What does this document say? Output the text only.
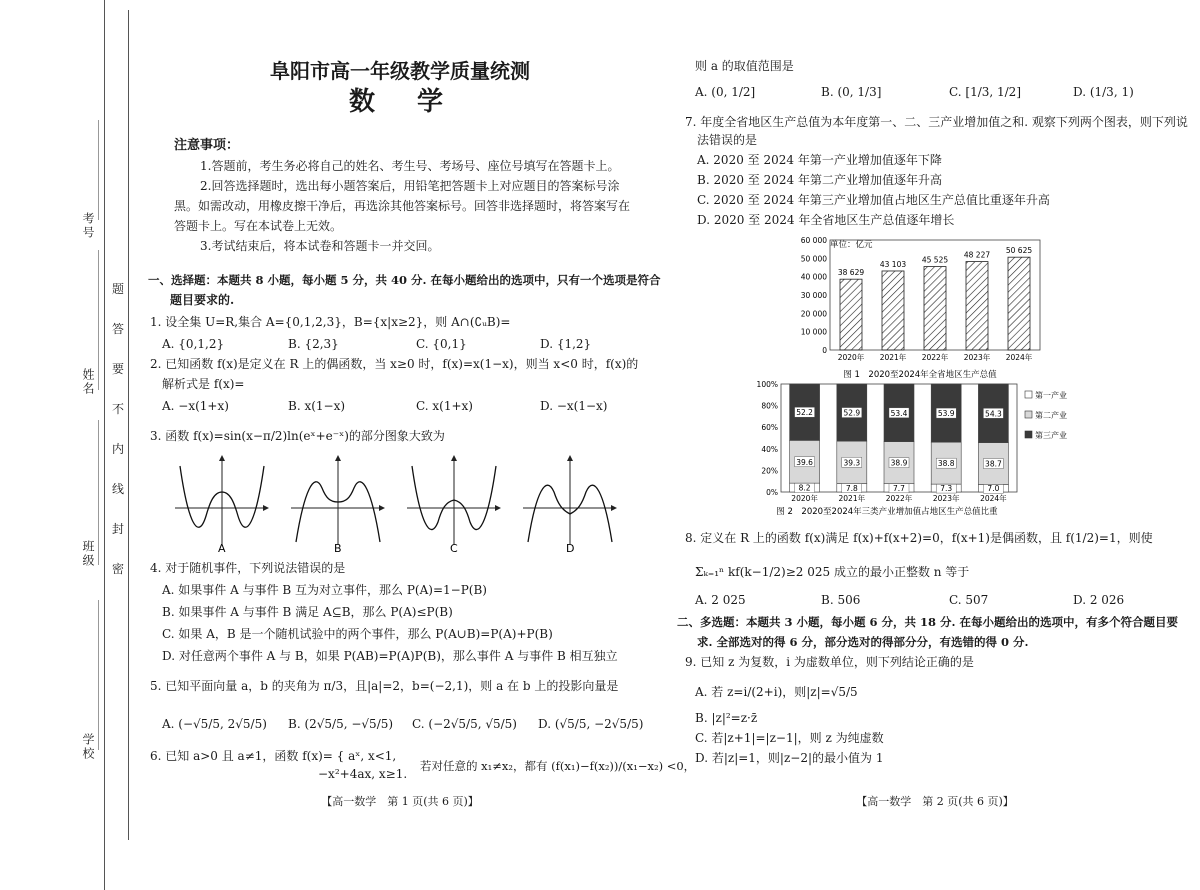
考号
姓名
班级
学校
题
答
要
不
内
线
封
密
阜阳市高一年级教学质量统测
数　学
注意事项：
1.答题前，考生务必将自己的姓名、考生号、考场号、座位号填写在答题卡上。
2.回答选择题时，选出每小题答案后，用铅笔把答题卡上对应题目的答案标号涂
黑。如需改动，用橡皮擦干净后，再选涂其他答案标号。回答非选择题时，将答案写在
答题卡上。写在本试卷上无效。
3.考试结束后，将本试卷和答题卡一并交回。
一、选择题：本题共 8 小题，每小题 5 分，共 40 分. 在每小题给出的选项中，只有一个选项是符合
题目要求的.
1. 设全集 U=R,集合 A={0,1,2,3}，B={x|x≥2}，则 A∩(∁ᵤB)=
A. {0,1,2}	B. {2,3}	C. {0,1}	D. {1,2}
2. 已知函数 f(x)是定义在 R 上的偶函数，当 x≥0 时，f(x)=x(1−x)，则当 x<0 时，f(x)的
解析式是 f(x)=
A. −x(1+x)	B. x(1−x)	C. x(1+x)	D. −x(1−x)
3. 函数 f(x)=sin(x−π/2)ln(eˣ+e⁻ˣ)的部分图象大致为
A	B	C	D
4. 对于随机事件，下列说法错误的是
A. 如果事件 A 与事件 B 互为对立事件，那么 P(A)=1−P(B)
B. 如果事件 A 与事件 B 满足 A⊆B，那么 P(A)≤P(B)
C. 如果 A，B 是一个随机试验中的两个事件，那么 P(A∪B)=P(A)+P(B)
D. 对任意两个事件 A 与 B，如果 P(AB)=P(A)P(B)，那么事件 A 与事件 B 相互独立
5. 已知平面向量 a，b 的夹角为 π/3，且|a|=2，b=(−2,1)，则 a 在 b 上的投影向量是
A. (−√5/5, 2√5/5) B. (2√5/5, −√5/5) C. (−2√5/5, √5/5) D. (√5/5, −2√5/5)
6. 已知 a>0 且 a≠1，函数 f(x)= { aˣ, x<1,
−x²+4ax, x≥1.
若对任意的 x₁≠x₂，都有 (f(x₁)−f(x₂))/(x₁−x₂) <0，
【高一数学　第 1 页(共 6 页)】
则 a 的取值范围是
A. (0, 1/2]	B. (0, 1/3]	C. [1/3, 1/2]	D. (1/3, 1)
7. 年度全省地区生产总值为本年度第一、二、三产业增加值之和. 观察下列两个图表，则下列说
法错误的是
A. 2020 至 2024 年第一产业增加值逐年下降
B. 2020 至 2024 年第二产业增加值逐年升高
C. 2020 至 2024 年第三产业增加值占地区生产总值比重逐年升高
D. 2020 至 2024 年全省地区生产总值逐年增长
单位：亿元
0
10 000
20 000
30 000
40 000
50 000
60 000
38 629
2020年
43 103
2021年
45 525
2022年
48 227
2023年
50 625
2024年
图 1　2020至2024年全省地区生产总值
0%
20%
40%
60%
80%
100%
8.2
39.6
52.2
2020年
7.8
39.3
52.9
2021年
7.7
38.9
53.4
2022年
7.3
38.8
53.9
2023年
7.0
38.7
54.3
2024年
第一产业
第二产业
第三产业
图 2　2020至2024年三类产业增加值占地区生产总值比重
8. 定义在 R 上的函数 f(x)满足 f(x)+f(x+2)=0，f(x+1)是偶函数，且 f(1/2)=1，则使
Σₖ₌₁ⁿ kf(k−1/2)≥2 025 成立的最小正整数 n 等于
A. 2 025	B. 506	C. 507	D. 2 026
二、多选题：本题共 3 小题，每小题 6 分，共 18 分. 在每小题给出的选项中，有多个符合题目要
求. 全部选对的得 6 分，部分选对的得部分分，有选错的得 0 分.
9. 已知 z 为复数，i 为虚数单位，则下列结论正确的是
A. 若 z=i/(2+i)，则|z|=√5/5
B. |z|²=z·z̄
C. 若|z+1|=|z−1|，则 z 为纯虚数
D. 若|z|=1，则|z−2|的最小值为 1
【高一数学　第 2 页(共 6 页)】
